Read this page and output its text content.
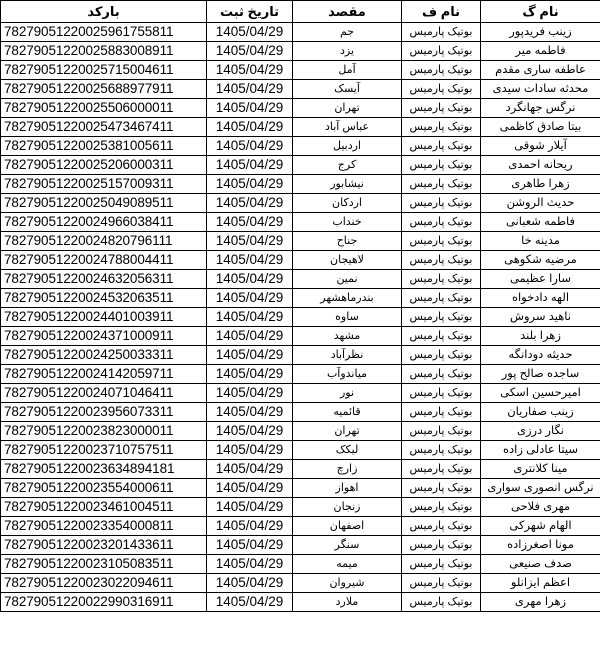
بارکد	تاریخ ثبت	مقصد	نام ف	نام گ
78279051220025961755811	1405/04/29	جم	بوتیک پارمیس	زینب فریدپور
78279051220025883008911	1405/04/29	یزد	بوتیک پارمیس	فاطمه میر
78279051220025715004611	1405/04/29	آمل	بوتیک پارمیس	عاطفه ساری مقدم
78279051220025688977911	1405/04/29	آیسک	بوتیک پارمیس	محدثه سادات سیدی
78279051220025506000011	1405/04/29	تهران	بوتیک پارمیس	نرگس جهانگرد
78279051220025473467411	1405/04/29	عباس آباد	بوتیک پارمیس	بیتا صادق کاظمی
78279051220025381005611	1405/04/29	اردبیل	بوتیک پارمیس	آیلار شوقی
78279051220025206000311	1405/04/29	کرج	بوتیک پارمیس	ریحانه احمدی
78279051220025157009311	1405/04/29	نیشابور	بوتیک پارمیس	زهرا طاهری
78279051220025049089511	1405/04/29	اردکان	بوتیک پارمیس	حدیث الروشن
78279051220024966038411	1405/04/29	خنداب	بوتیک پارمیس	فاطمه شعبانی
78279051220024820796111	1405/04/29	جناح	بوتیک پارمیس	مدینه خا
78279051220024788004411	1405/04/29	لاهیجان	بوتیک پارمیس	مرضیه شکوهی
78279051220024632056311	1405/04/29	نمین	بوتیک پارمیس	سارا عظیمی
78279051220024532063511	1405/04/29	بندرماهشهر	بوتیک پارمیس	الهه دادخواه
78279051220024401003911	1405/04/29	ساوه	بوتیک پارمیس	ناهید سروش
78279051220024371000911	1405/04/29	مشهد	بوتیک پارمیس	زهرا بلند
78279051220024250033311	1405/04/29	نظرآباد	بوتیک پارمیس	حدیثه دودانگه
78279051220024142059711	1405/04/29	میاندوآب	بوتیک پارمیس	ساجده صالح پور
78279051220024071046411	1405/04/29	نور	بوتیک پارمیس	امیرحسین اسکی
78279051220023956073311	1405/04/29	قائمیه	بوتیک پارمیس	زینب صفاریان
78279051220023823000011	1405/04/29	تهران	بوتیک پارمیس	نگار درزی
78279051220023710757511	1405/04/29	لیکک	بوتیک پارمیس	سیتا عادلی زاده
78279051220023634894181	1405/04/29	زارچ	بوتیک پارمیس	مینا کلانتری
78279051220023554000611	1405/04/29	اهواز	بوتیک پارمیس	نرگس انصوری سواری
78279051220023461004511	1405/04/29	زنجان	بوتیک پارمیس	مهری فلاحی
78279051220023354000811	1405/04/29	اصفهان	بوتیک پارمیس	الهام شهرکی
78279051220023201433611	1405/04/29	سنگر	بوتیک پارمیس	مونا اصغرزاده
78279051220023105083511	1405/04/29	میمه	بوتیک پارمیس	صدف صنیعی
78279051220023022094611	1405/04/29	شیروان	بوتیک پارمیس	اعظم ایزانلو
78279051220022990316911	1405/04/29	ملارد	بوتیک پارمیس	زهرا مهری
